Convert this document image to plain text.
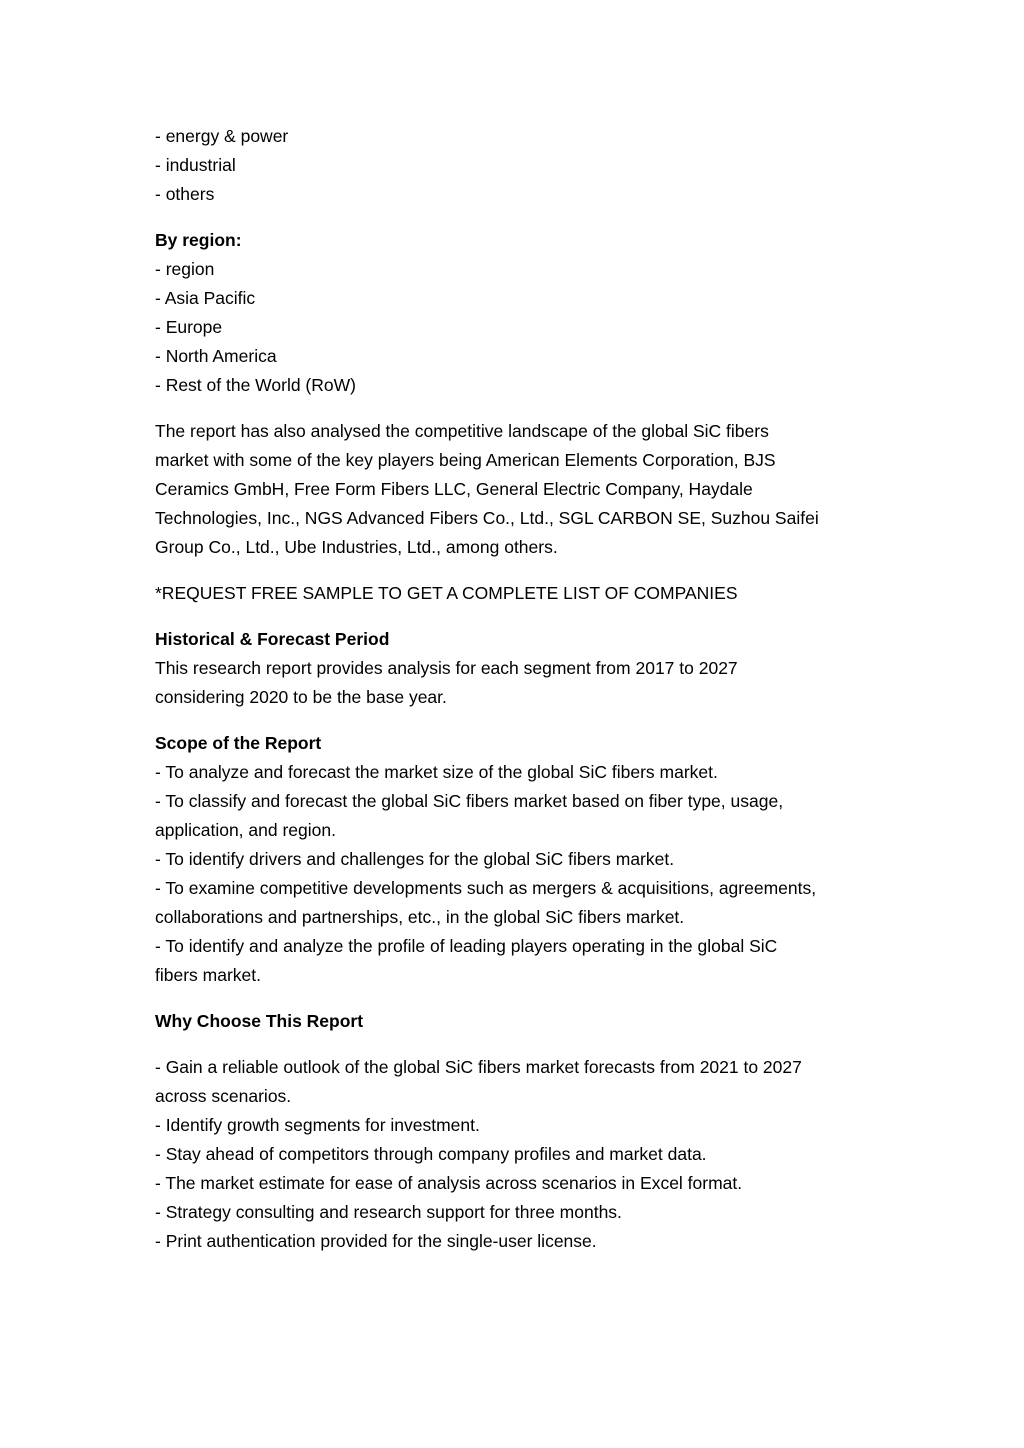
- energy & power
- industrial
- others
By region:
- region
- Asia Pacific
- Europe
- North America
- Rest of the World (RoW)
The report has also analysed the competitive landscape of the global SiC fibers
market with some of the key players being American Elements Corporation, BJS
Ceramics GmbH, Free Form Fibers LLC, General Electric Company, Haydale
Technologies, Inc., NGS Advanced Fibers Co., Ltd., SGL CARBON SE, Suzhou Saifei
Group Co., Ltd., Ube Industries, Ltd., among others.
*REQUEST FREE SAMPLE TO GET A COMPLETE LIST OF COMPANIES
Historical & Forecast Period
This research report provides analysis for each segment from 2017 to 2027
considering 2020 to be the base year.
Scope of the Report
- To analyze and forecast the market size of the global SiC fibers market.
- To classify and forecast the global SiC fibers market based on fiber type, usage,
application, and region.
- To identify drivers and challenges for the global SiC fibers market.
- To examine competitive developments such as mergers & acquisitions, agreements,
collaborations and partnerships, etc., in the global SiC fibers market.
- To identify and analyze the profile of leading players operating in the global SiC
fibers market.
Why Choose This Report
- Gain a reliable outlook of the global SiC fibers market forecasts from 2021 to 2027
across scenarios.
- Identify growth segments for investment.
- Stay ahead of competitors through company profiles and market data.
- The market estimate for ease of analysis across scenarios in Excel format.
- Strategy consulting and research support for three months.
- Print authentication provided for the single-user license.
